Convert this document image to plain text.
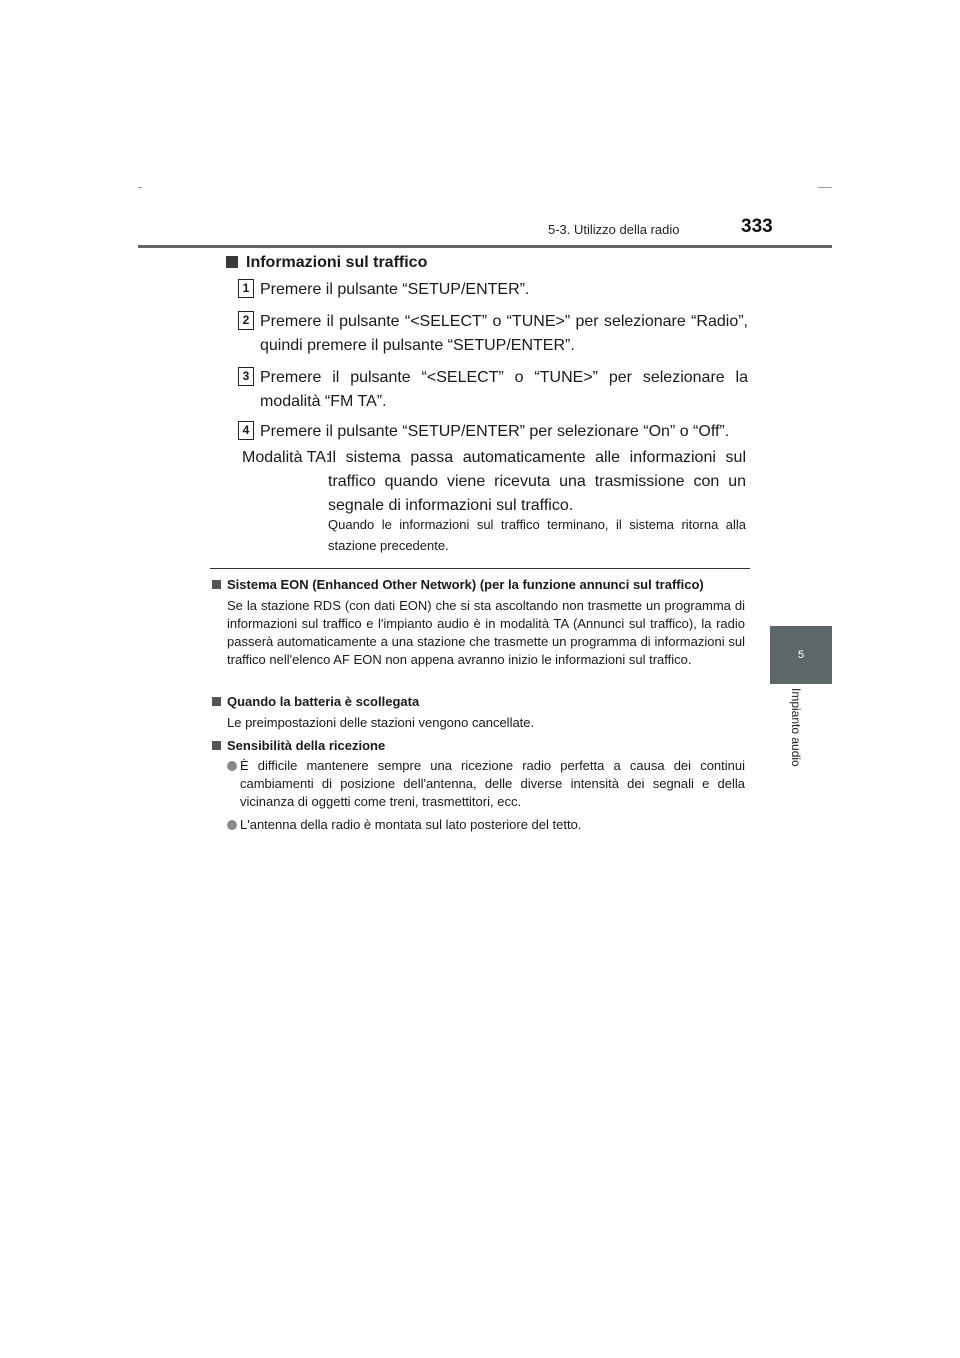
5-3. Utilizzo della radio	333
5
Impianto audio
Informazioni sul traffico
1 Premere il pulsante “SETUP/ENTER”.
2 Premere il pulsante “<SELECT” o “TUNE>” per selezionare “Radio”, quindi premere il pulsante “SETUP/ENTER”.
3 Premere il pulsante “<SELECT” o “TUNE>” per selezionare la modalità “FM TA”.
4 Premere il pulsante “SETUP/ENTER” per selezionare “On” o “Off”.
Modalità TA:
Il sistema passa automaticamente alle informazioni sul traffico quando viene ricevuta una trasmissione con un segnale di informazioni sul traffico.
Quando le informazioni sul traffico terminano, il sistema ritorna alla stazione precedente.
Sistema EON (Enhanced Other Network) (per la funzione annunci sul traffico)
Se la stazione RDS (con dati EON) che si sta ascoltando non trasmette un programma di informazioni sul traffico e l'impianto audio è in modalità TA (Annunci sul traffico), la radio passerà automaticamente a una stazione che trasmette un programma di informazioni sul traffico nell'elenco AF EON non appena avranno inizio le informazioni sul traffico.
Quando la batteria è scollegata
Le preimpostazioni delle stazioni vengono cancellate.
Sensibilità della ricezione
È difficile mantenere sempre una ricezione radio perfetta a causa dei continui cambiamenti di posizione dell'antenna, delle diverse intensità dei segnali e della vicinanza di oggetti come treni, trasmettitori, ecc.
L'antenna della radio è montata sul lato posteriore del tetto.
